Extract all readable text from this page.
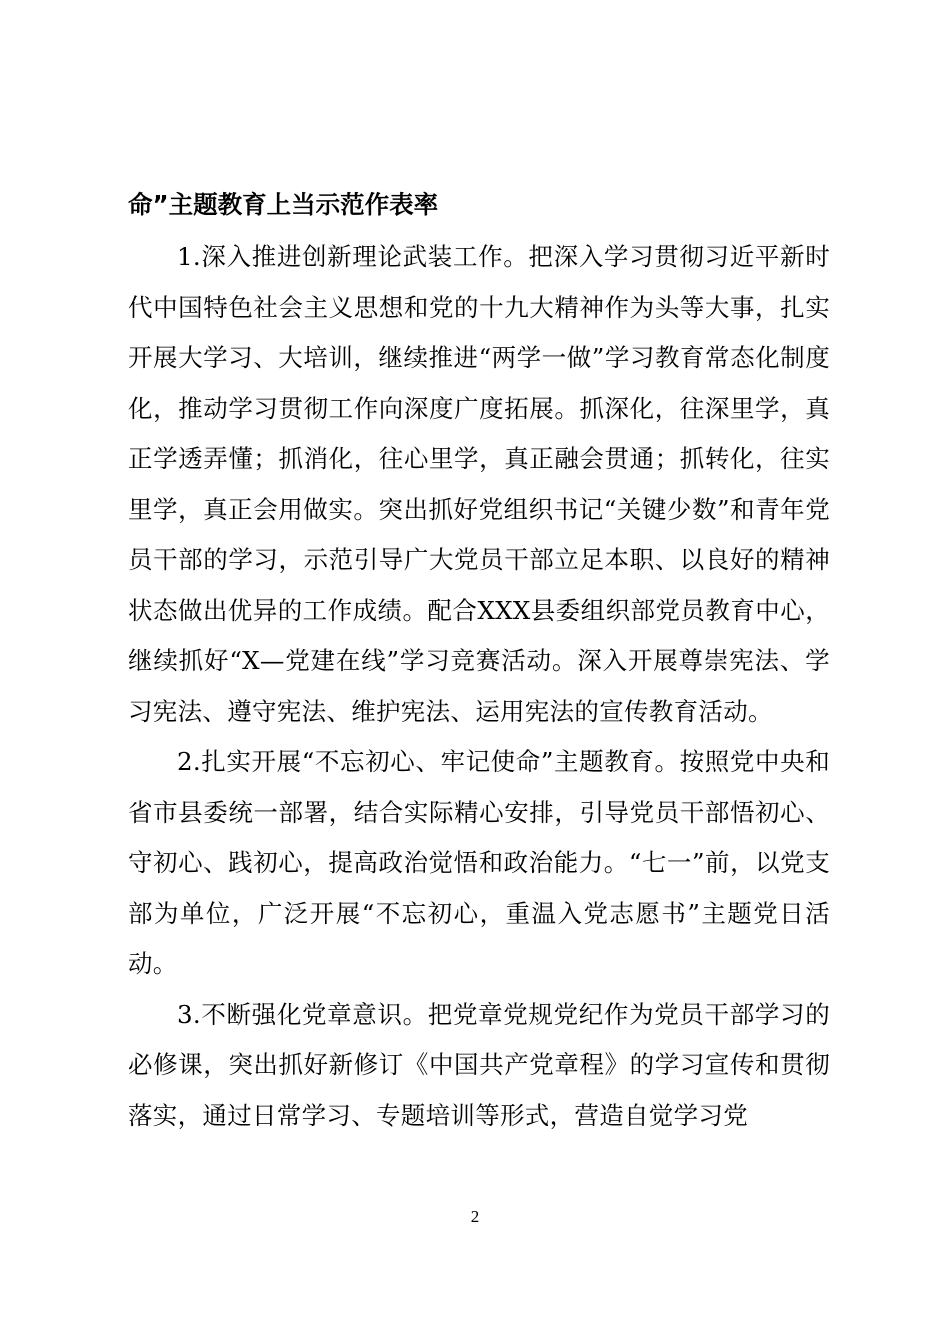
命”主题教育上当示范作表率

1.深入推进创新理论武装工作。把深入学习贯彻习近平新时代中国特色社会主义思想和党的十九大精神作为头等大事，扎实开展大学习、大培训，继续推进“两学一做”学习教育常态化制度化，推动学习贯彻工作向深度广度拓展。抓深化，往深里学，真正学透弄懂；抓消化，往心里学，真正融会贯通；抓转化，往实里学，真正会用做实。突出抓好党组织书记“关键少数”和青年党员干部的学习，示范引导广大党员干部立足本职、以良好的精神状态做出优异的工作成绩。配合XXX县委组织部党员教育中心，继续抓好“X—党建在线”学习竞赛活动。深入开展尊崇宪法、学习宪法、遵守宪法、维护宪法、运用宪法的宣传教育活动。

2.扎实开展“不忘初心、牢记使命”主题教育。按照党中央和省市县委统一部署，结合实际精心安排，引导党员干部悟初心、守初心、践初心，提高政治觉悟和政治能力。“七一”前，以党支部为单位，广泛开展“不忘初心，重温入党志愿书”主题党日活动。

3.不断强化党章意识。把党章党规党纪作为党员干部学习的必修课，突出抓好新修订《中国共产党章程》的学习宣传和贯彻落实，通过日常学习、专题培训等形式，营造自觉学习党

2
